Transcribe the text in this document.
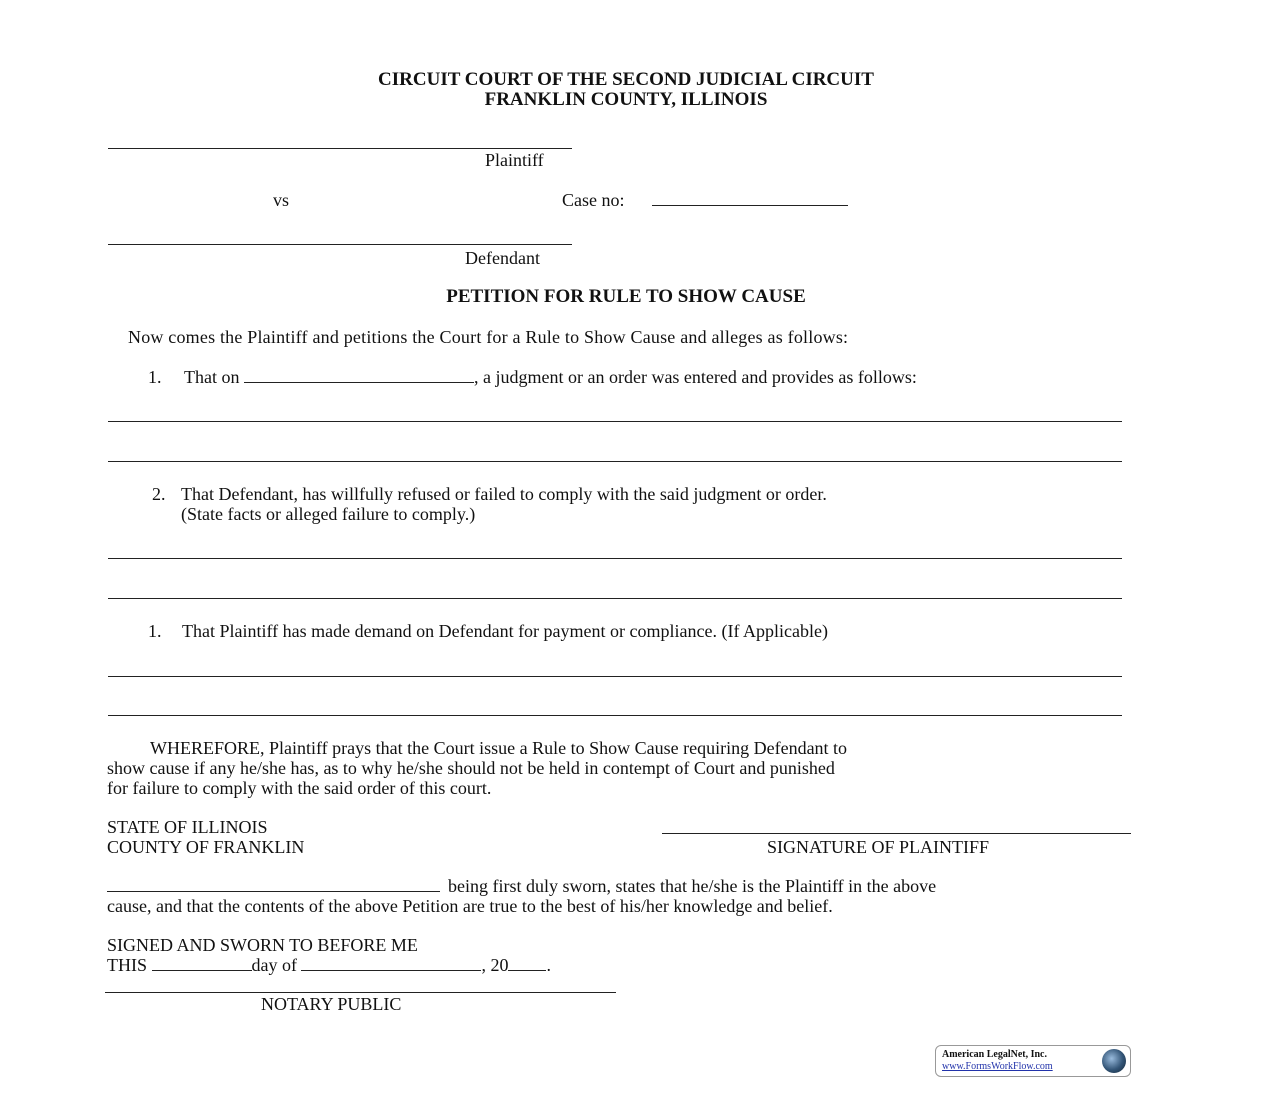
CIRCUIT COURT OF THE SECOND JUDICIAL CIRCUIT
FRANKLIN COUNTY, ILLINOIS
Plaintiff
vs	Case no:
Defendant
PETITION FOR RULE TO SHOW CAUSE
Now comes the Plaintiff and petitions the Court for a Rule to Show Cause and alleges as follows:
1. That on	, a judgment or an order was entered and provides as follows:
2. That Defendant, has willfully refused or failed to comply with the said judgment or order.
(State facts or alleged failure to comply.)
1. That Plaintiff has made demand on Defendant for payment or compliance. (If Applicable)
WHEREFORE, Plaintiff prays that the Court issue a Rule to Show Cause requiring Defendant to
show cause if any he/she has, as to why he/she should not be held in contempt of Court and punished
for failure to comply with the said order of this court.
STATE OF ILLINOIS
COUNTY OF FRANKLIN	SIGNATURE OF PLAINTIFF
being first duly sworn, states that he/she is the Plaintiff in the above
cause, and that the contents of the above Petition are true to the best of his/her knowledge and belief.
SIGNED AND SWORN TO BEFORE ME
THIS	day of	, 20 .
NOTARY PUBLIC
American LegalNet, Inc.
www.FormsWorkFlow.com
